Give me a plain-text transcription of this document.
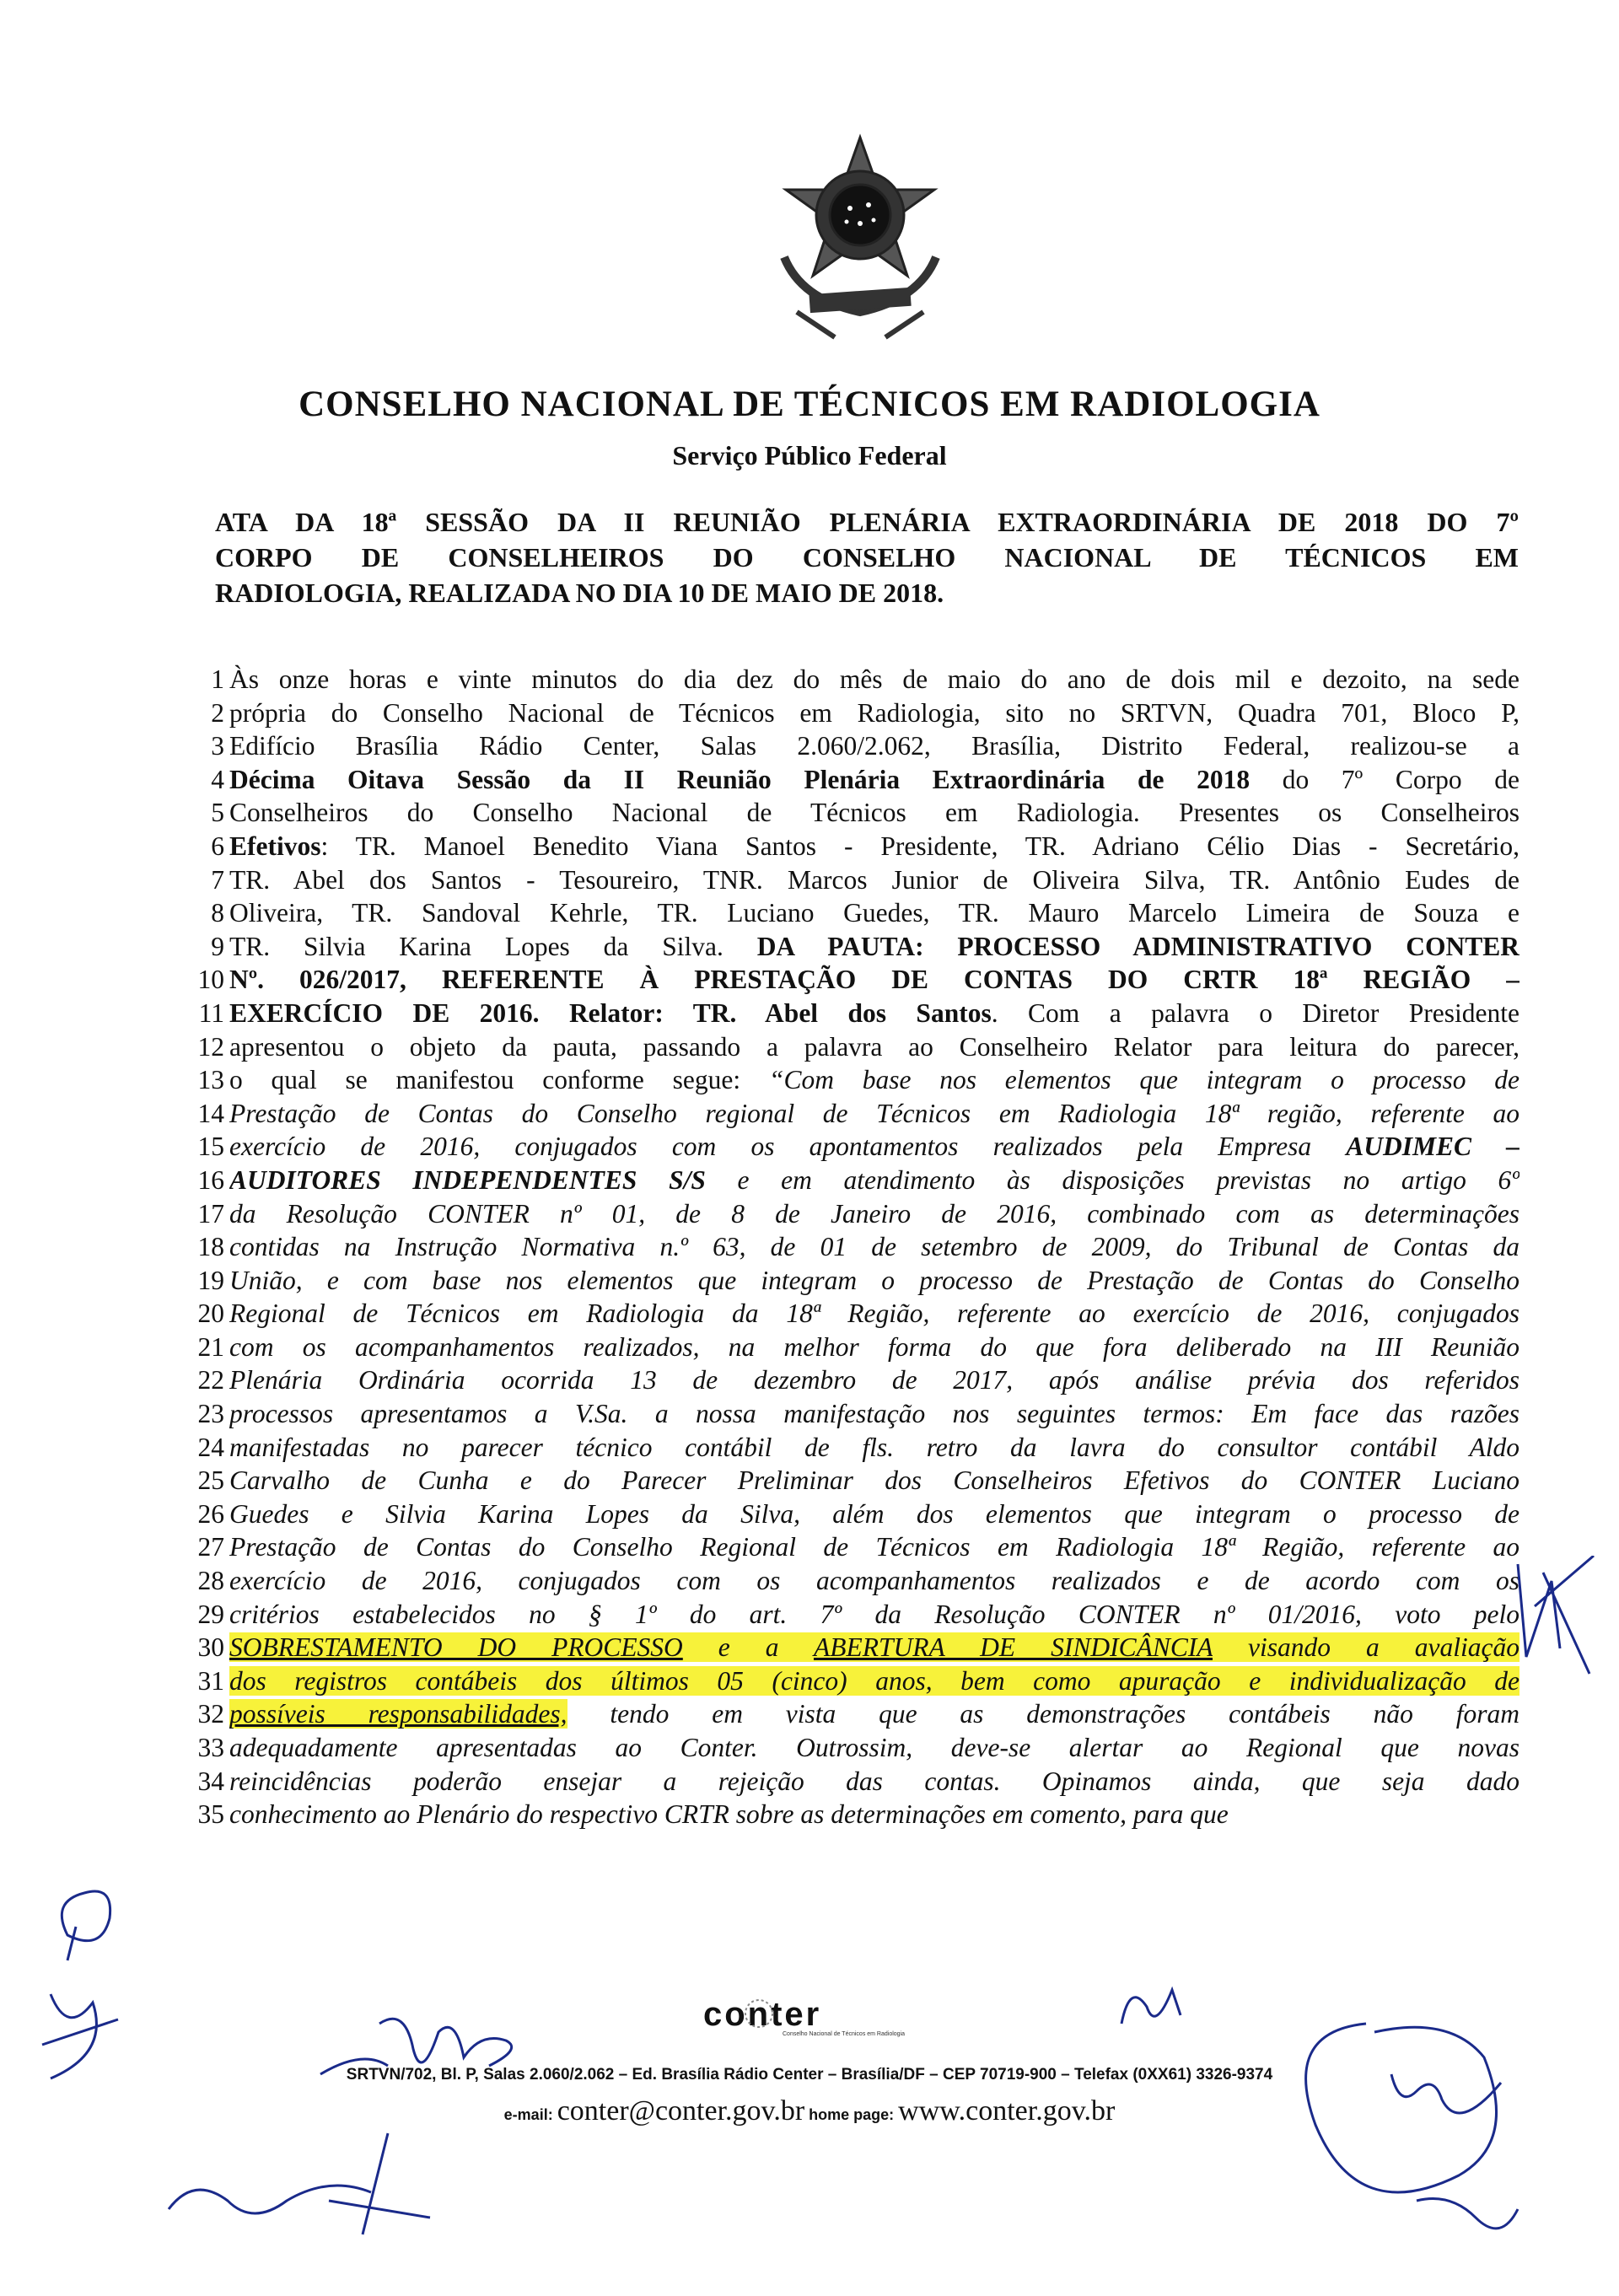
CONSELHO NACIONAL DE TÉCNICOS EM RADIOLOGIA
Serviço Público Federal
ATA DA 18ª SESSÃO DA II REUNIÃO PLENÁRIA EXTRAORDINÁRIA DE 2018 DO 7º
CORPO DE CONSELHEIROS DO CONSELHO NACIONAL DE TÉCNICOS EM
RADIOLOGIA, REALIZADA NO DIA 10 DE MAIO DE 2018.
1 Às onze horas e vinte minutos do dia dez do mês de maio do ano de dois mil e dezoito, na sede
2 própria do Conselho Nacional de Técnicos em Radiologia, sito no SRTVN, Quadra 701, Bloco P,
3 Edifício Brasília Rádio Center, Salas 2.060/2.062, Brasília, Distrito Federal, realizou-se a
4 Décima Oitava Sessão da II Reunião Plenária Extraordinária de 2018 do 7º Corpo de
5 Conselheiros do Conselho Nacional de Técnicos em Radiologia. Presentes os Conselheiros
6 Efetivos: TR. Manoel Benedito Viana Santos - Presidente, TR. Adriano Célio Dias - Secretário,
7 TR. Abel dos Santos - Tesoureiro, TNR. Marcos Junior de Oliveira Silva, TR. Antônio Eudes de
8 Oliveira, TR. Sandoval Kehrle, TR. Luciano Guedes, TR. Mauro Marcelo Limeira de Souza e
9 TR. Silvia Karina Lopes da Silva. DA PAUTA: PROCESSO ADMINISTRATIVO CONTER
10 Nº. 026/2017, REFERENTE À PRESTAÇÃO DE CONTAS DO CRTR 18ª REGIÃO –
11 EXERCÍCIO DE 2016. Relator: TR. Abel dos Santos. Com a palavra o Diretor Presidente
12 apresentou o objeto da pauta, passando a palavra ao Conselheiro Relator para leitura do parecer,
13 o qual se manifestou conforme segue: “Com base nos elementos que integram o processo de
14 Prestação de Contas do Conselho regional de Técnicos em Radiologia 18ª região, referente ao
15 exercício de 2016, conjugados com os apontamentos realizados pela Empresa AUDIMEC –
16 AUDITORES INDEPENDENTES S/S e em atendimento às disposições previstas no artigo 6º
17 da Resolução CONTER nº 01, de 8 de Janeiro de 2016, combinado com as determinações
18 contidas na Instrução Normativa n.º 63, de 01 de setembro de 2009, do Tribunal de Contas da
19 União, e com base nos elementos que integram o processo de Prestação de Contas do Conselho
20 Regional de Técnicos em Radiologia da 18ª Região, referente ao exercício de 2016, conjugados
21 com os acompanhamentos realizados, na melhor forma do que fora deliberado na III Reunião
22 Plenária Ordinária ocorrida 13 de dezembro de 2017, após análise prévia dos referidos
23 processos apresentamos a V.Sa. a nossa manifestação nos seguintes termos: Em face das razões
24 manifestadas no parecer técnico contábil de fls. retro da lavra do consultor contábil Aldo
25 Carvalho de Cunha e do Parecer Preliminar dos Conselheiros Efetivos do CONTER Luciano
26 Guedes e Silvia Karina Lopes da Silva, além dos elementos que integram o processo de
27 Prestação de Contas do Conselho Regional de Técnicos em Radiologia 18ª Região, referente ao
28 exercício de 2016, conjugados com os acompanhamentos realizados e de acordo com os
29 critérios estabelecidos no § 1º do art. 7º da Resolução CONTER nº 01/2016, voto pelo
30 SOBRESTAMENTO DO PROCESSO e a ABERTURA DE SINDICÂNCIA visando a avaliação
31 dos registros contábeis dos últimos 05 (cinco) anos, bem como apuração e individualização de
32 possíveis responsabilidades, tendo em vista que as demonstrações contábeis não foram
33 adequadamente apresentadas ao Conter. Outrossim, deve-se alertar ao Regional que novas
34 reincidências poderão ensejar a rejeição das contas. Opinamos ainda, que seja dado
35 conhecimento ao Plenário do respectivo CRTR sobre as determinações em comento, para que
conter
Conselho Nacional de Técnicos em Radiologia
SRTVN/702, Bl. P, Salas 2.060/2.062 – Ed. Brasília Rádio Center – Brasília/DF – CEP 70719-900 – Telefax (0XX61) 3326-9374
e-mail: conter@conter.gov.br home page: www.conter.gov.br
